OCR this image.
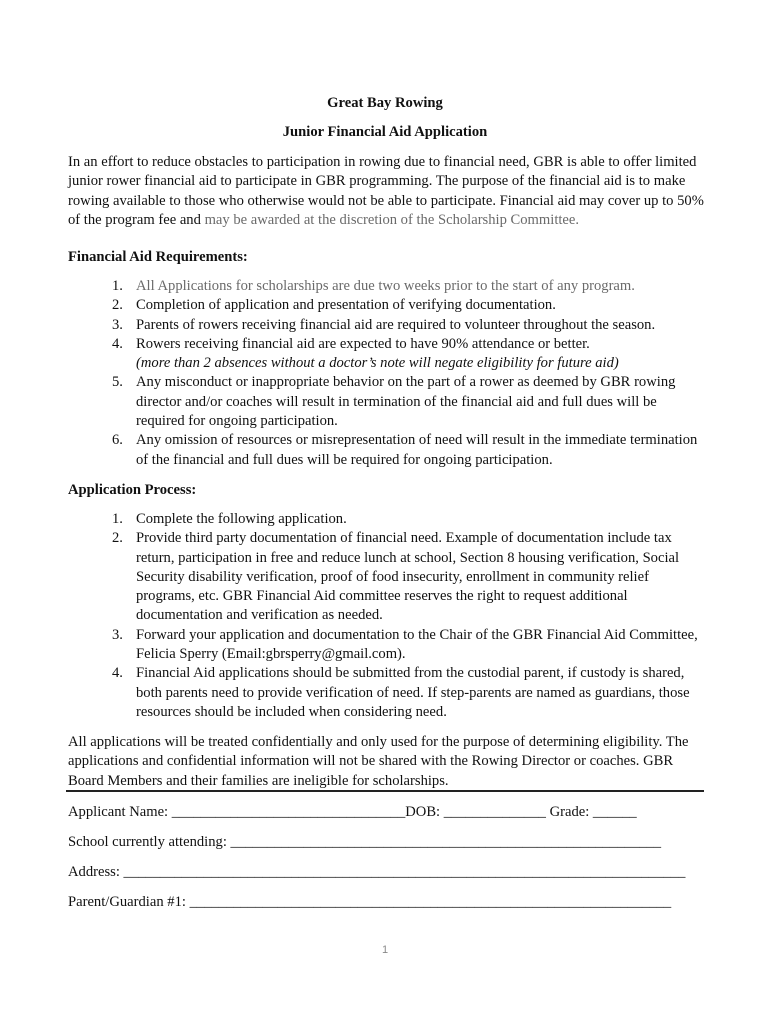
Great Bay Rowing
Junior Financial Aid Application
In an effort to reduce obstacles to participation in rowing due to financial need, GBR is able to offer limited junior rower financial aid to participate in GBR programming. The purpose of the financial aid is to make rowing available to those who otherwise would not be able to participate. Financial aid may cover up to 50% of the program fee and may be awarded at the discretion of the Scholarship Committee.
Financial Aid Requirements:
1. All Applications for scholarships are due two weeks prior to the start of any program.
2. Completion of application and presentation of verifying documentation.
3. Parents of rowers receiving financial aid are required to volunteer throughout the season.
4. Rowers receiving financial aid are expected to have 90% attendance or better.
(more than 2 absences without a doctor’s note will negate eligibility for future aid)
5. Any misconduct or inappropriate behavior on the part of a rower as deemed by GBR rowing director and/or coaches will result in termination of the financial aid and full dues will be required for ongoing participation.
6. Any omission of resources or misrepresentation of need will result in the immediate termination of the financial and full dues will be required for ongoing participation.
Application Process:
1. Complete the following application.
2. Provide third party documentation of financial need. Example of documentation include tax return, participation in free and reduce lunch at school, Section 8 housing verification, Social Security disability verification, proof of food insecurity, enrollment in community relief programs, etc. GBR Financial Aid committee reserves the right to request additional documentation and verification as needed.
3. Forward your application and documentation to the Chair of the GBR Financial Aid Committee, Felicia Sperry (Email:gbrsperry@gmail.com).
4. Financial Aid applications should be submitted from the custodial parent, if custody is shared, both parents need to provide verification of need. If step-parents are named as guardians, those resources should be included when considering need.
All applications will be treated confidentially and only used for the purpose of determining eligibility. The applications and confidential information will not be shared with the Rowing Director or coaches. GBR Board Members and their families are ineligible for scholarships.
Applicant Name: ________________________________DOB: ______________ Grade: ______
School currently attending: ___________________________________________________________
Address: _____________________________________________________________________________
Parent/Guardian #1: __________________________________________________________________
1
